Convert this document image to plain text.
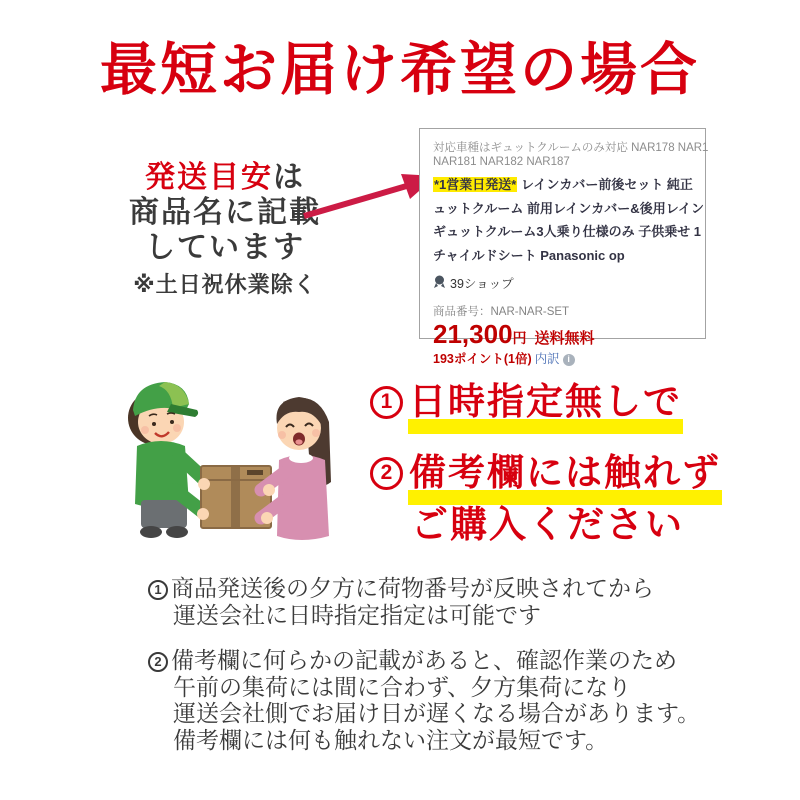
最短お届け希望の場合
発送目安は
商品名に記載
しています
※土日祝休業除く
対応車種はギュットクルームのみ対応 NAR178 NAR1
NAR181 NAR182 NAR187
*1営業日発送* レインカバー前後セット 純正
ュットクルーム 前用レインカバー&後用レイン
ギュットクルーム3人乗り仕様のみ 子供乗せ 1
チャイルドシート Panasonic op
39ショップ
商品番号：NAR-NAR-SET
21,300円 送料無料
193ポイント(1倍) 内訳 i
1 日時指定無しで
2 備考欄には触れず
ご購入ください
1 商品発送後の夕方に荷物番号が反映されてから
運送会社に日時指定指定は可能です
2 備考欄に何らかの記載があると、確認作業のため
午前の集荷には間に合わず、夕方集荷になり
運送会社側でお届け日が遅くなる場合があります。
備考欄には何も触れない注文が最短です。
